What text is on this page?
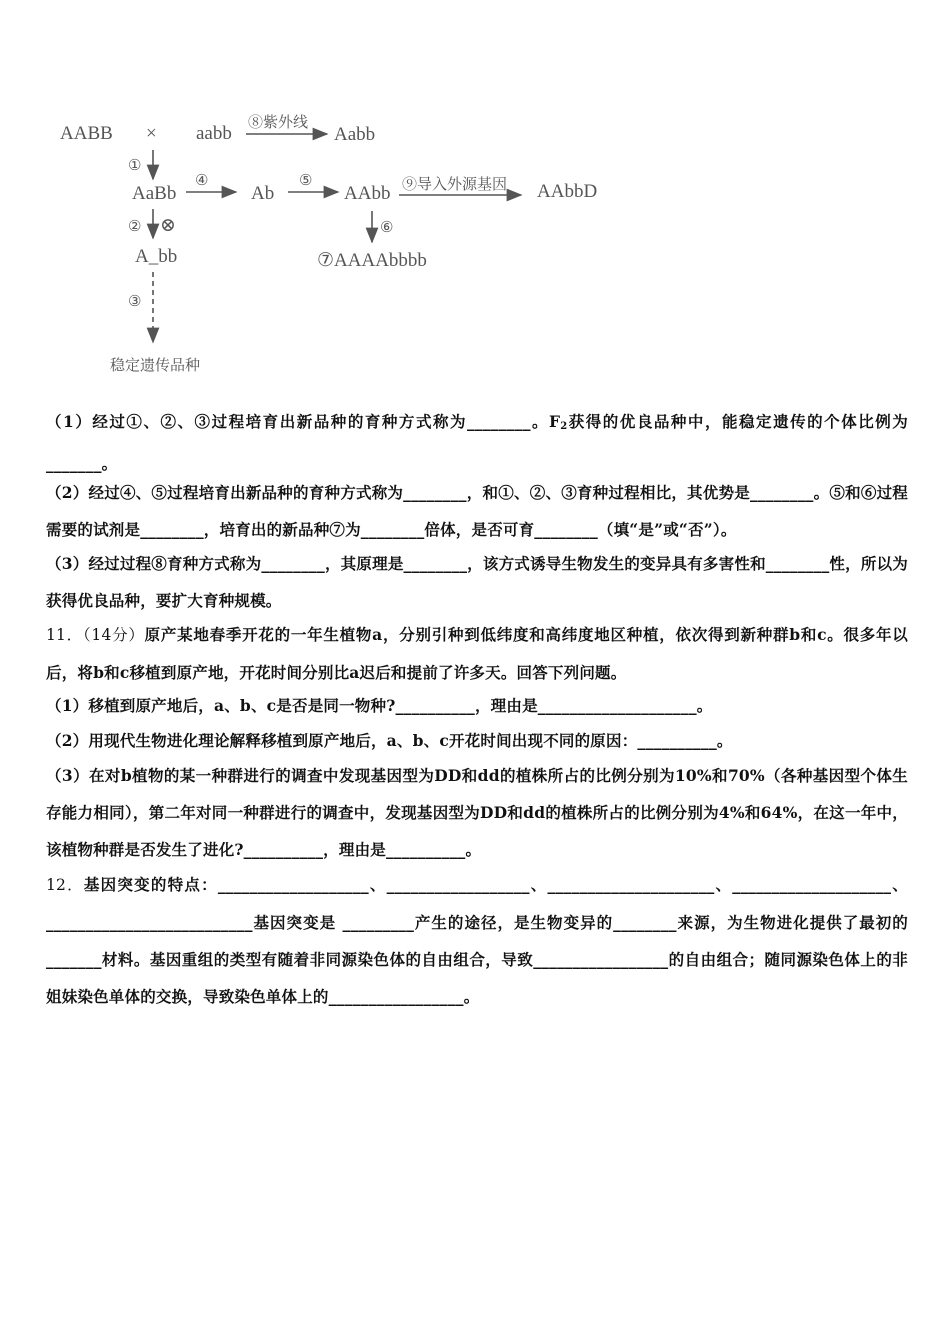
AABB × aabb ⑧紫外线
Aabb
①
AaBb
④
Ab
⑤
AAbb ⑨导入外源基因 AAbbD
② ⊗	⑥
A_bb	⑦AAAAbbbb
③
稳定遗传品种
（1）经过①、②、③过程培育出新品种的育种方式称为________。$F_2$获得的优良品种中，能稳定遗传的个体比例为_______。
（2）经过④、⑤过程培育出新品种的育种方式称为________，和①、②、③育种过程相比，其优势是________。⑤和⑥过程需要的试剂是________，培育出的新品种⑦为________倍体，是否可育________（填“是”或“否”）。
（3）经过过程⑧育种方式称为________，其原理是________，该方式诱导生物发生的变异具有多害性和________性，所以为获得优良品种，要扩大育种规模。
11．（14分）原产某地春季开花的一年生植物a，分别引种到低纬度和高纬度地区种植，依次得到新种群b和c。很多年以后，将b和c移植到原产地，开花时间分别比a迟后和提前了许多天。回答下列问题。
（1）移植到原产地后，a、b、c是否是同一物种?__________，理由是____________________。
（2）用现代生物进化理论解释移植到原产地后，a、b、c开花时间出现不同的原因：__________。
（3）在对b植物的某一种群进行的调查中发现基因型为DD和dd的植株所占的比例分别为10%和70%（各种基因型个体生存能力相同），第二年对同一种群进行的调查中，发现基因型为DD和dd的植株所占的比例分别为4%和64%，在这一年中，该植物种群是否发生了进化?__________，理由是__________。
12．基因突变的特点：___________________、__________________、_____________________、____________________、__________________________基因突变是 _________产生的途径，是生物变异的________来源，为生物进化提供了最初的_______材料。基因重组的类型有随着非同源染色体的自由组合，导致_________________的自由组合；随同源染色体上的非姐妹染色单体的交换，导致染色单体上的_________________。
